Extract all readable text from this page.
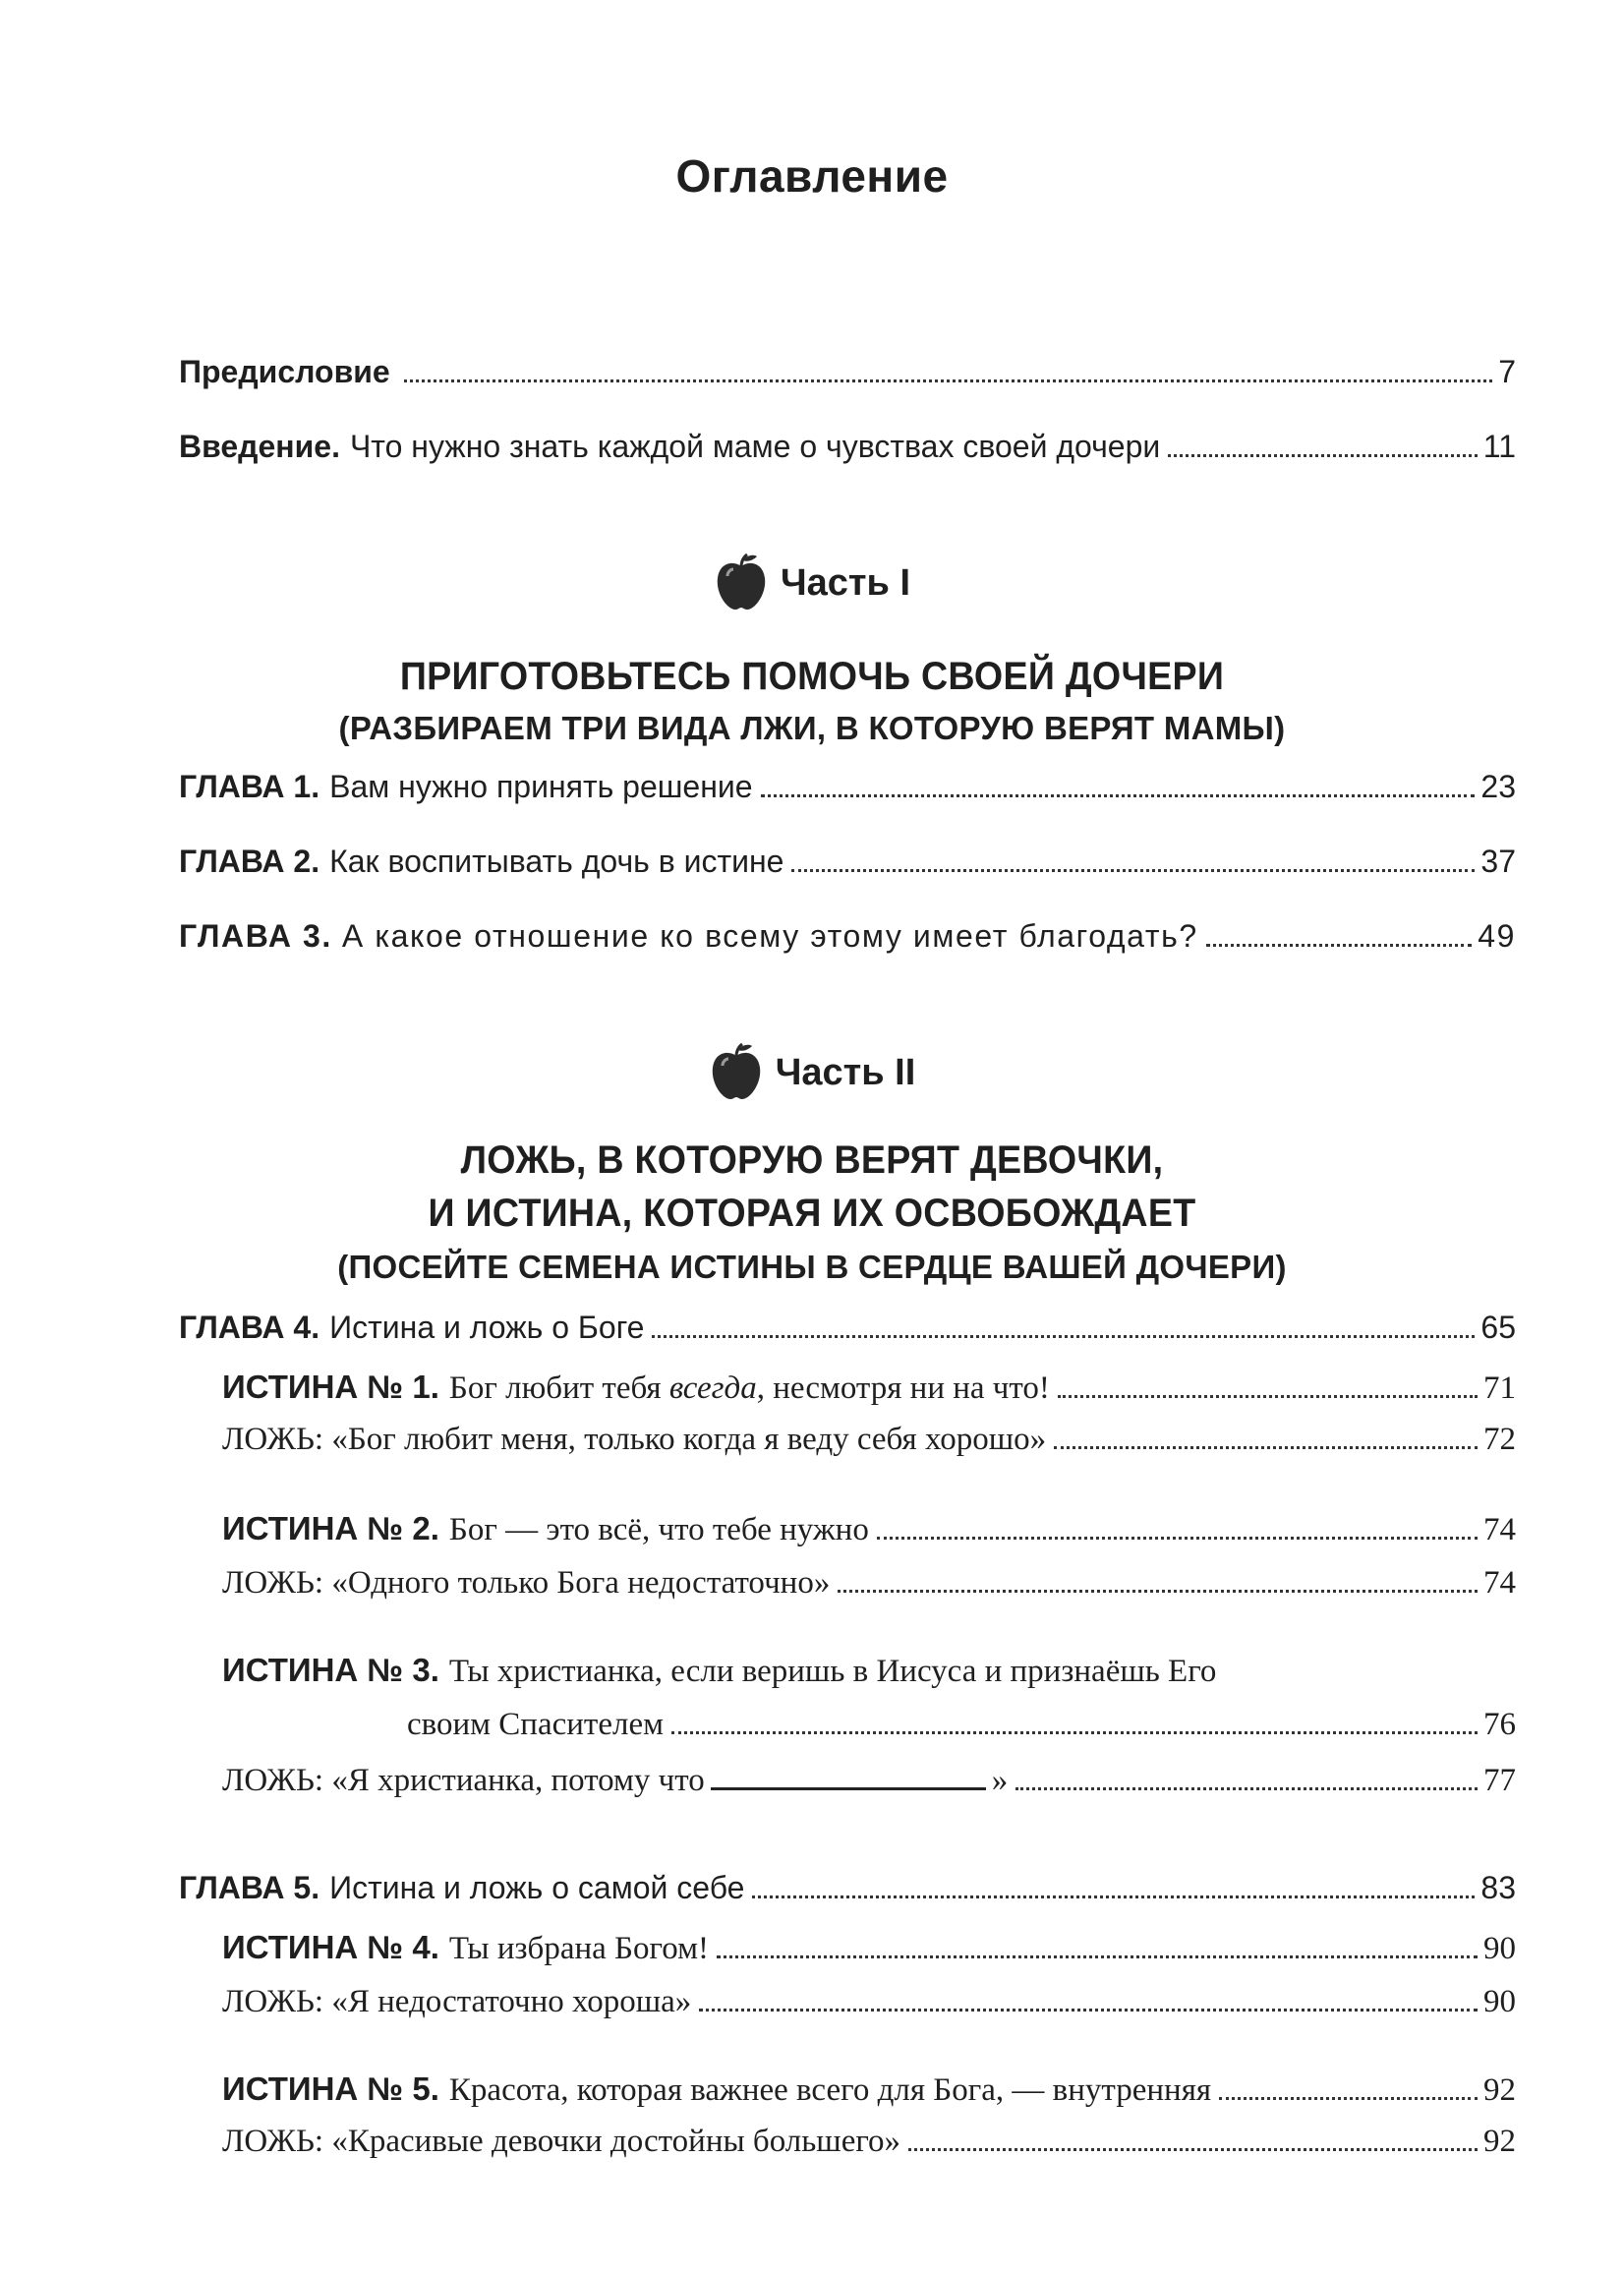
Оглавление
Предисловие	7
Введение. Что нужно знать каждой маме о чувствах своей дочери	11
Часть I
ПРИГОТОВЬТЕСЬ ПОМОЧЬ СВОЕЙ ДОЧЕРИ
(РАЗБИРАЕМ ТРИ ВИДА ЛЖИ, В КОТОРУЮ ВЕРЯТ МАМЫ)
ГЛАВА 1. Вам нужно принять решение	23
ГЛАВА 2. Как воспитывать дочь в истине	37
ГЛАВА 3. А какое отношение ко всему этому имеет благодать?	49
Часть II
ЛОЖЬ, В КОТОРУЮ ВЕРЯТ ДЕВОЧКИ,
И ИСТИНА, КОТОРАЯ ИХ ОСВОБОЖДАЕТ
(ПОСЕЙТЕ СЕМЕНА ИСТИНЫ В СЕРДЦЕ ВАШЕЙ ДОЧЕРИ)
ГЛАВА 4. Истина и ложь о Боге	65
ИСТИНА № 1. Бог любит тебя всегда, несмотря ни на что!	71
ЛОЖЬ: «Бог любит меня, только когда я веду себя хорошо»	72
ИСТИНА № 2. Бог — это всё, что тебе нужно	74
ЛОЖЬ: «Одного только Бога недостаточно»	74
ИСТИНА № 3. Ты христианка, если веришь в Иисуса и признаёшь Его
своим Спасителем	76
ЛОЖЬ: «Я христианка, потому что	»	77
ГЛАВА 5. Истина и ложь о самой себе	83
ИСТИНА № 4. Ты избрана Богом!	90
ЛОЖЬ: «Я недостаточно хороша»	90
ИСТИНА № 5. Красота, которая важнее всего для Бога, — внутренняя	92
ЛОЖЬ: «Красивые девочки достойны большего»	92
